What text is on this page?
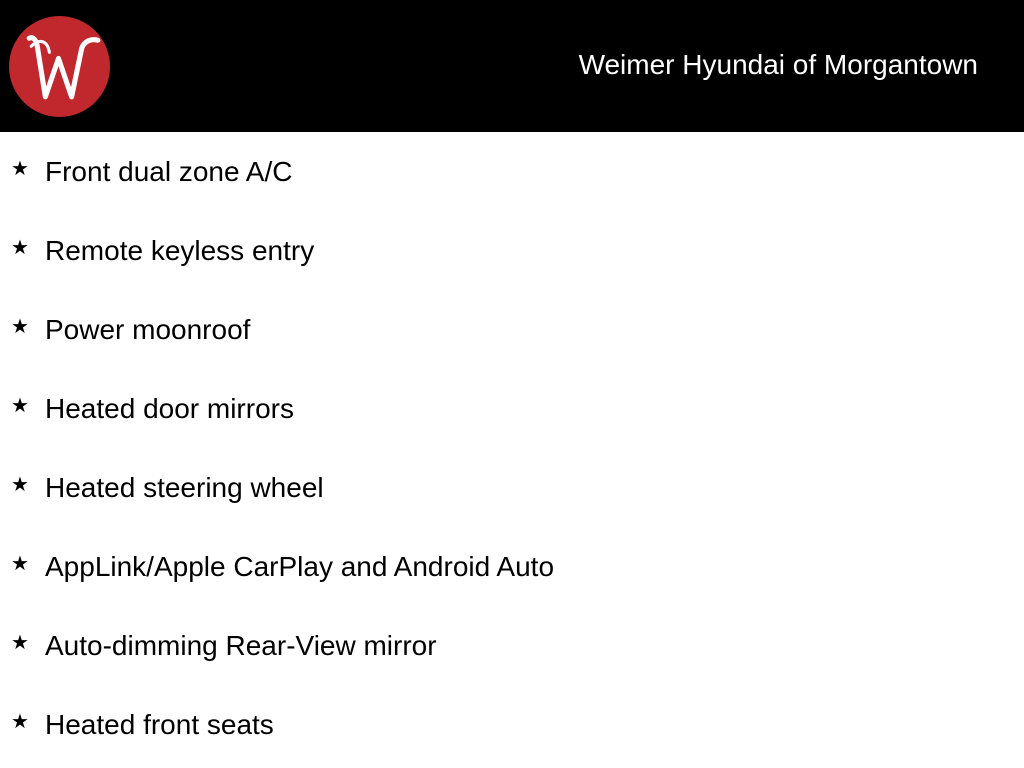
Weimer Hyundai of Morgantown
★ Front dual zone A/C
★ Remote keyless entry
★ Power moonroof
★ Heated door mirrors
★ Heated steering wheel
★ AppLink/Apple CarPlay and Android Auto
★ Auto-dimming Rear-View mirror
★ Heated front seats
